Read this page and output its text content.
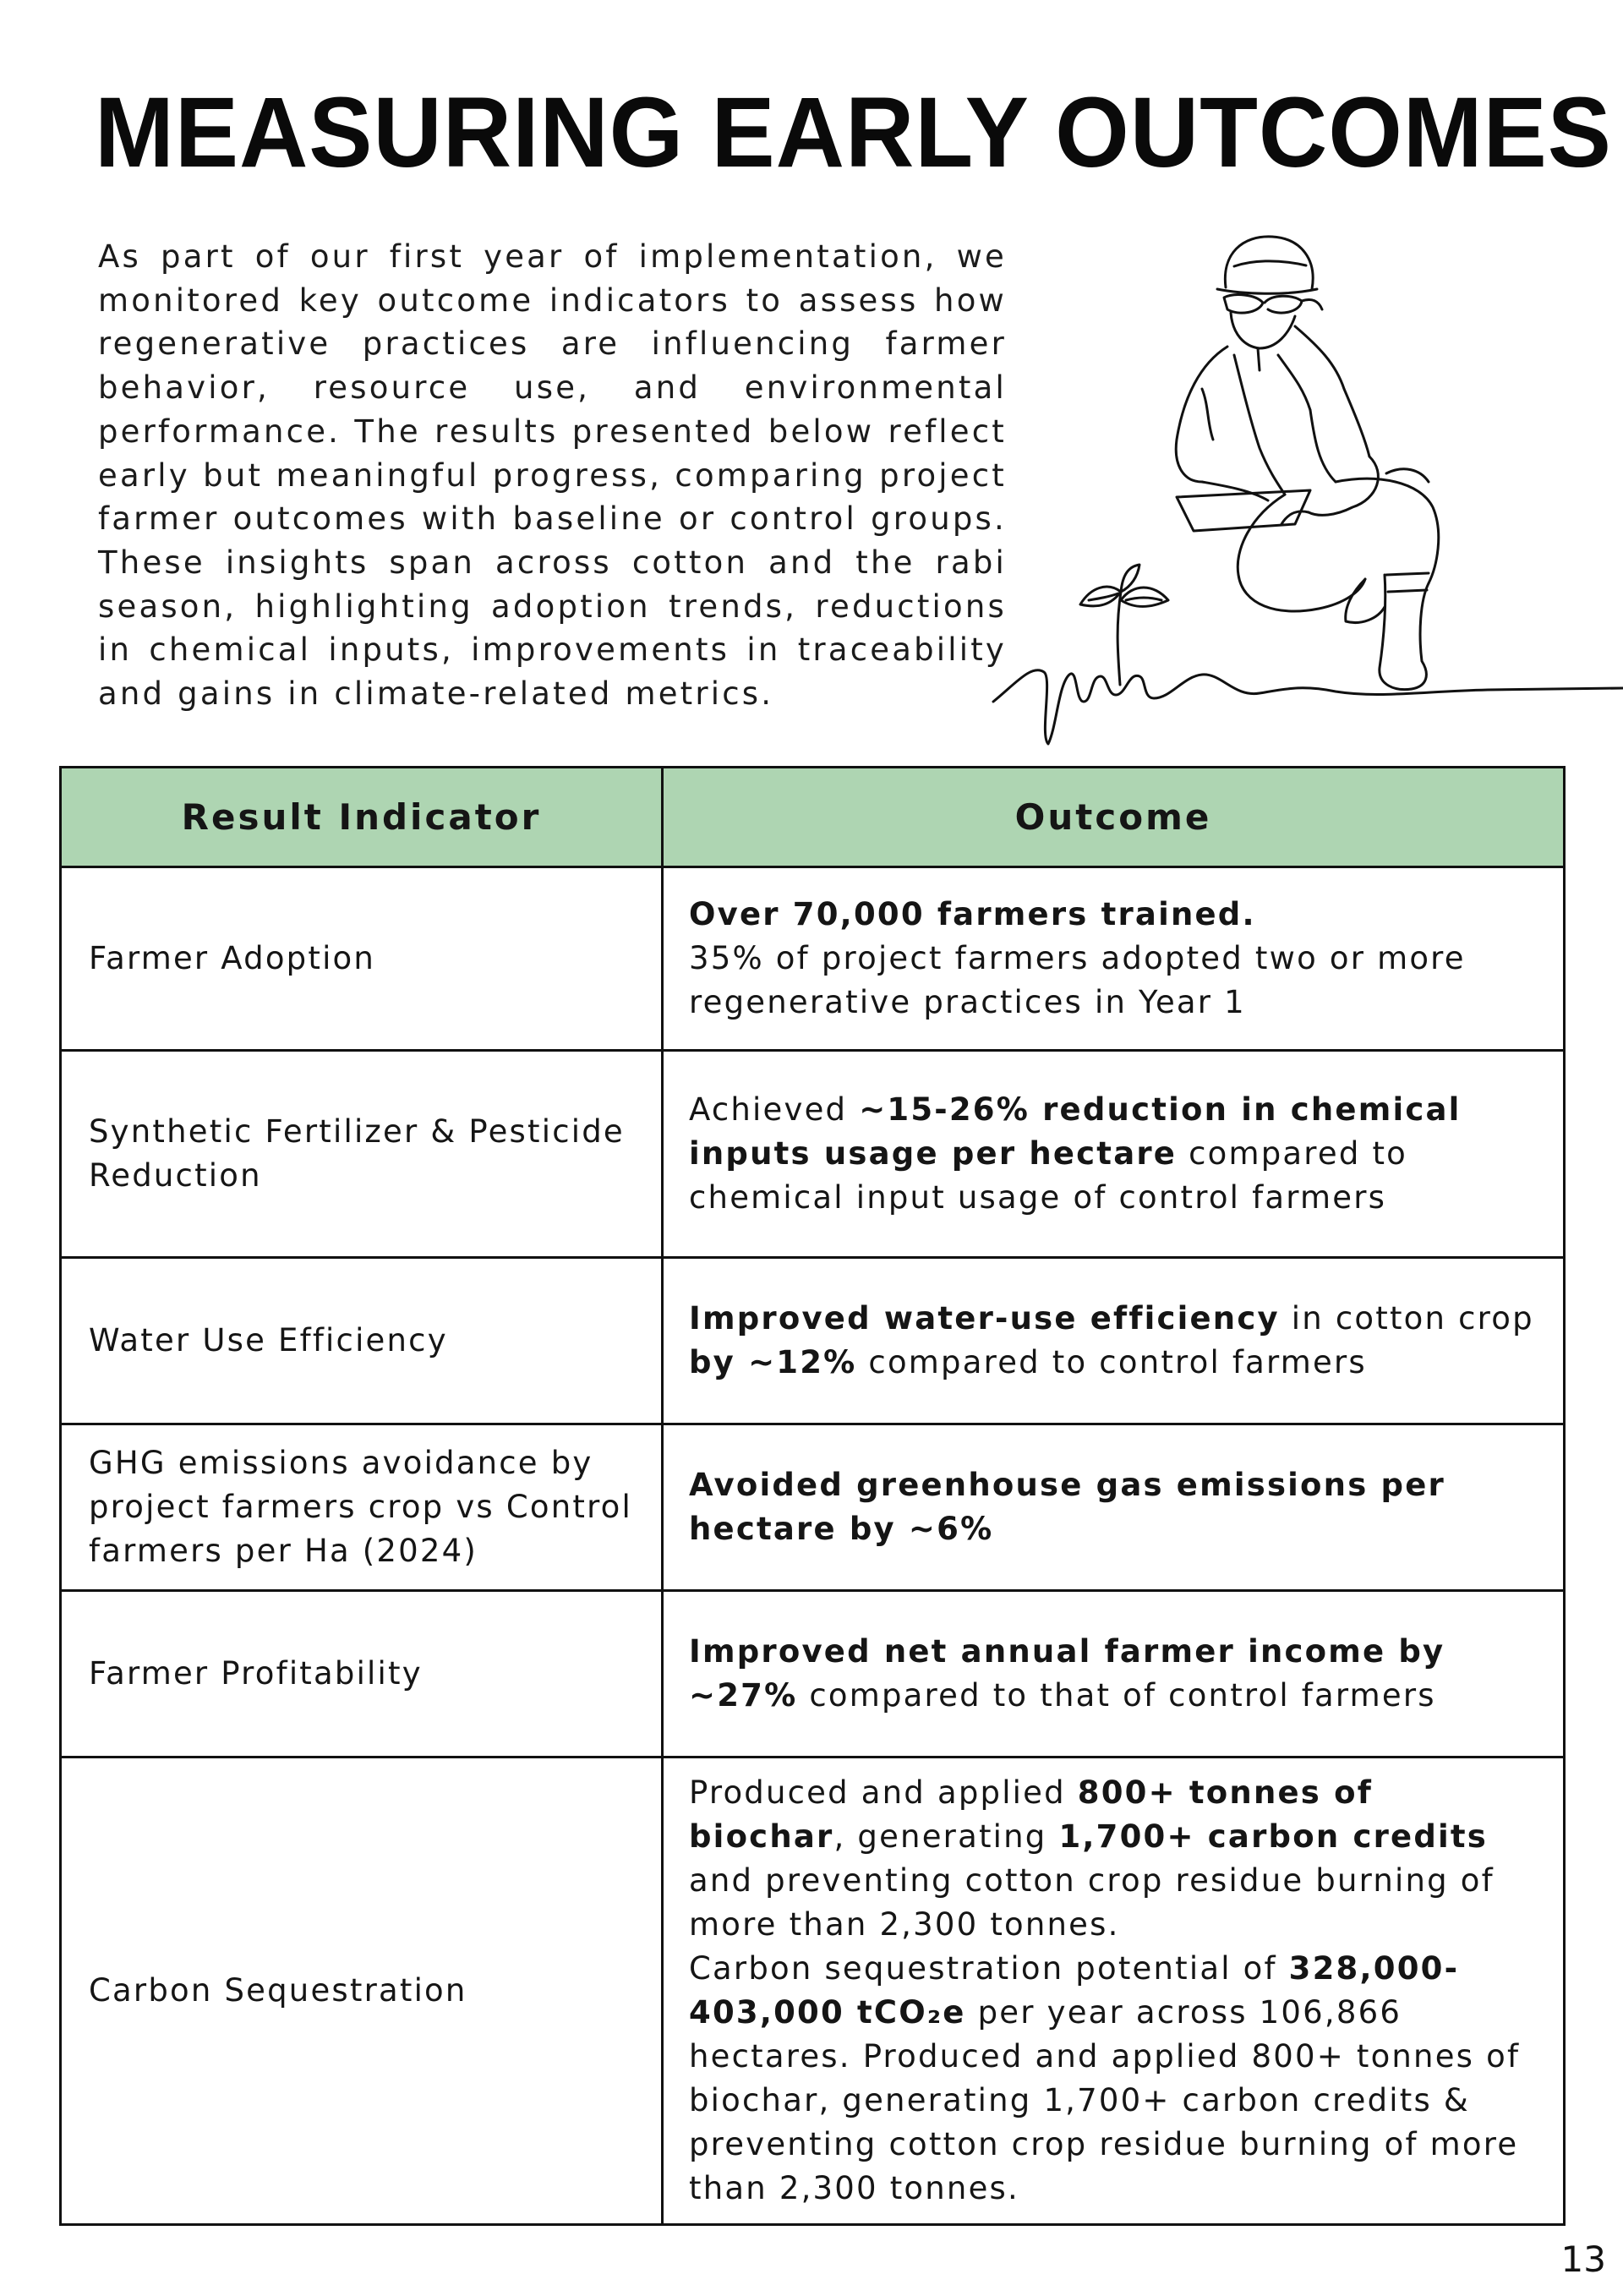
MEASURING EARLY OUTCOMES

As part of our first year of implementation, we monitored key outcome indicators to assess how regenerative practices are influencing farmer behavior, resource use, and environmental performance. The results presented below reflect early but meaningful progress, comparing project farmer outcomes with baseline or control groups. These insights span across cotton and the rabi season, highlighting adoption trends, reductions in chemical inputs, improvements in traceability and gains in climate-related metrics.

Result Indicator	Outcome
Farmer Adoption	Over 70,000 farmers trained.
35% of project farmers adopted two or more regenerative practices in Year 1
Synthetic Fertilizer & Pesticide Reduction	Achieved ~15-26% reduction in chemical inputs usage per hectare compared to chemical input usage of control farmers
Water Use Efficiency	Improved water-use efficiency in cotton crop by ~12% compared to control farmers
GHG emissions avoidance by project farmers crop vs Control farmers per Ha (2024)	Avoided greenhouse gas emissions per hectare by ~6%
Farmer Profitability	Improved net annual farmer income by ~27% compared to that of control farmers
Carbon Sequestration	Produced and applied 800+ tonnes of biochar, generating 1,700+ carbon credits and preventing cotton crop residue burning of more than 2,300 tonnes.
Carbon sequestration potential of 328,000-403,000 tCO₂e per year across 106,866 hectares. Produced and applied 800+ tonnes of biochar, generating 1,700+ carbon credits & preventing cotton crop residue burning of more than 2,300 tonnes.
13
